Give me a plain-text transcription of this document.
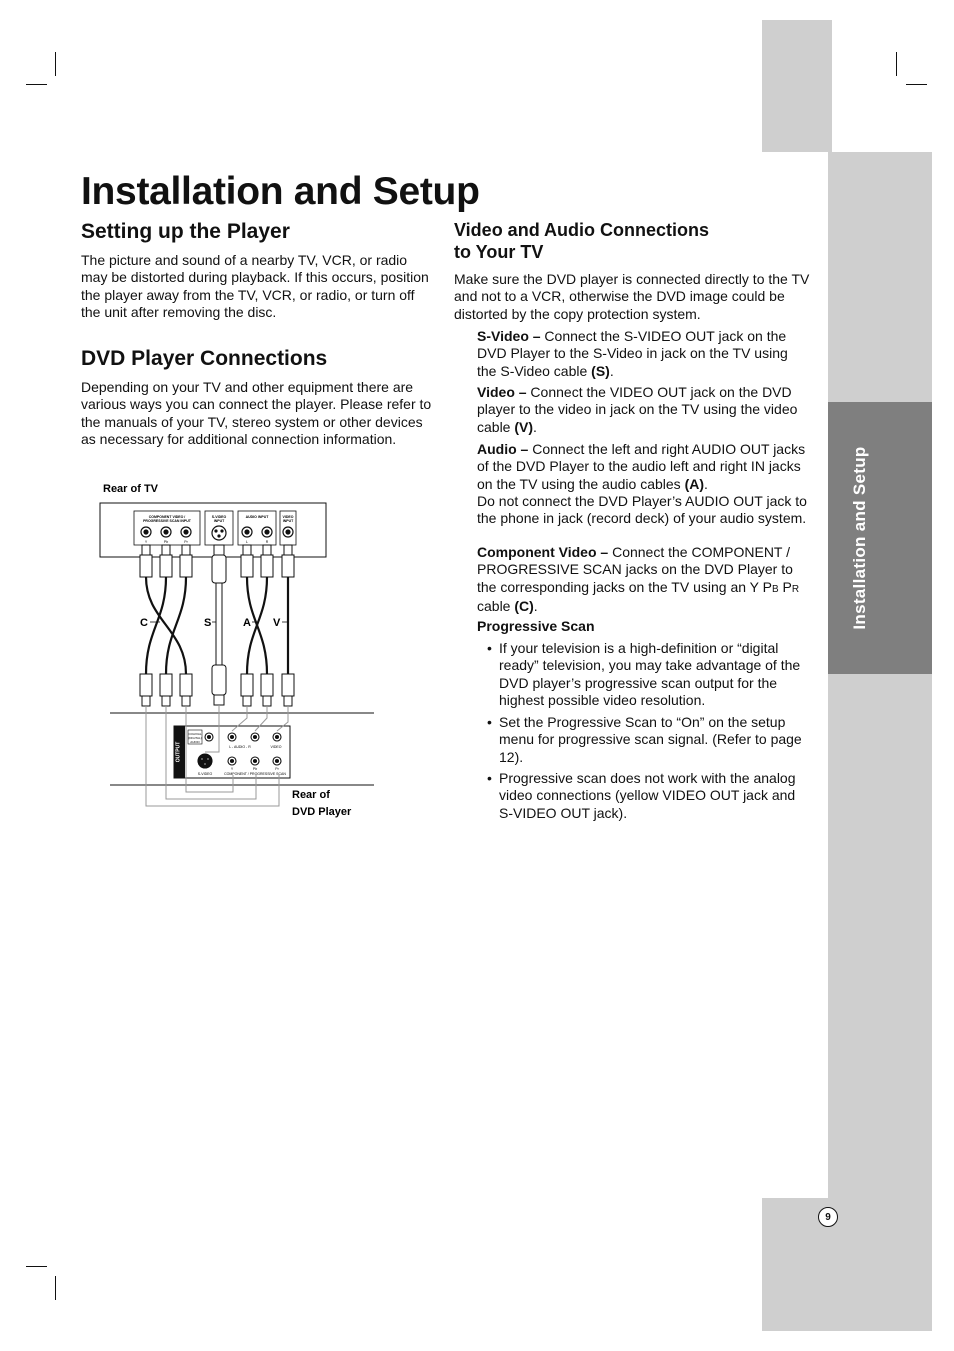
Installation and Setup
9
Installation and Setup
Setting up the Player

The picture and sound of a nearby TV, VCR, or radio may be distorted during playback. If this occurs, position the player away from the TV, VCR, or radio, or turn off the unit after removing the disc.

DVD Player Connections

Depending on your TV and other equipment there are various ways you can connect the player. Please refer to the manuals of your TV, stereo system or other devices as necessary for additional connection information.

Rear of TV
COMPONENT VIDEO /
PROGRESSIVE SCAN INPUT
S-VIDEO
INPUT
AUDIO INPUT	VIDEO
INPUT
Y	Pb	Pr	L	R
C	S	A V
OUTPUT
COAXIAL
(DIGITAL)
AUDIO
L - AUDIO - R	VIDEO
S-VIDEO	COMPONENT / PROGRESSIVE SCAN
Y	Pb	Pr
Rear of
DVD Player
Video and Audio Connections
to Your TV

Make sure the DVD player is connected directly to the TV and not to a VCR, otherwise the DVD image could be distorted by the copy protection system.

S-Video – Connect the S-VIDEO OUT jack on the DVD Player to the S-Video in jack on the TV using the S-Video cable (S).

Video – Connect the VIDEO OUT jack on the DVD player to the video in jack on the TV using the video cable (V).

Audio – Connect the left and right AUDIO OUT jacks of the DVD Player to the audio left and right IN jacks on the TV using the audio cables (A).
Do not connect the DVD Player’s AUDIO OUT jack to the phone in jack (record deck) of your audio system.

Component Video – Connect the COMPONENT / PROGRESSIVE SCAN jacks on the DVD Player to the corresponding jacks on the TV using an Y PB PR cable (C).

Progressive Scan

• If your television is a high-definition or “digital ready” television, you may take advantage of the DVD player’s progressive scan output for the highest possible video resolution.
• Set the Progressive Scan to “On” on the setup menu for progressive scan signal. (Refer to page 12).
• Progressive scan does not work with the analog video connections (yellow VIDEO OUT jack and S-VIDEO OUT jack).
